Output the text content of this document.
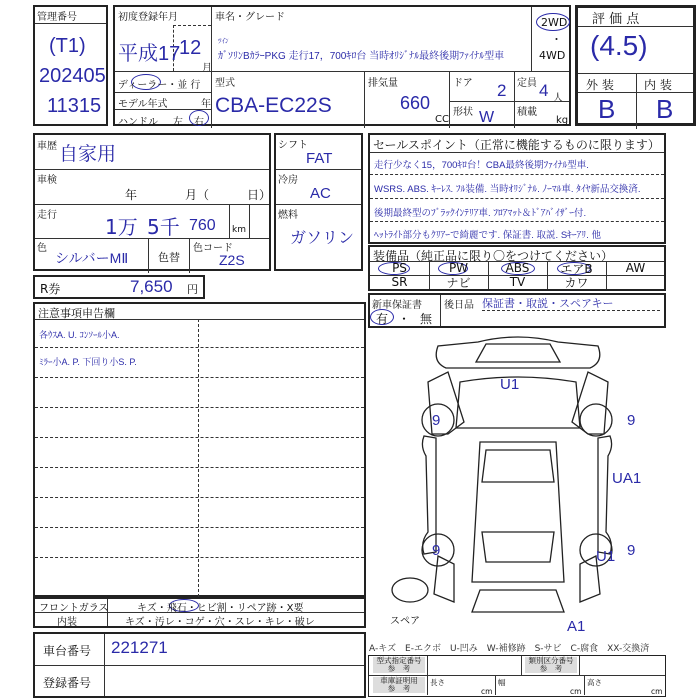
管理番号
(T1)
202405
11315
初度登録年月
平成17
12
月
車名・グレード
ﾂｲﾝ
ｶﾞｿﾘﾝBｶﾗｰPKG 走行17，700ｷﾛ台 当時ｵﾘｼﾞﾅﾙ最終後期ﾌｧｲﾅﾙ型車
2WD
・
4WD
ディーラー・並 行
モデル年式	年
ハンドル 左 右
型式
CBA-EC22S
排気量
660
CC
ドア 2 定員 4 人
形状 W 積載
kg
評 価 点
(4.5)
外 装	内 装
B B
車歴 自家用
車検
年	月（	日）
走行 1万 5千 760 km
色
シルバーMⅡ	色替
色コード
Z2S
シフト
FAT
冷房
AC
燃料
ガソリン
R券	7,650 円
注意事項申告欄
各ｳｽA. U. ｺﾝｿｰﾙ小A.
ﾐﾗｰ小A. P. 下回り小S. P.
フロントガラス	キズ・飛石・ヒビ割・リペア跡・X要
内装	キズ・汚レ・コゲ・穴・スレ・キレ・破レ
車台番号 221271
登録番号
セールスポイント（正常に機能するものに限ります）
走行少なく15，700ｷﾛ台！CBA最終後期ﾌｧｲﾅﾙ型車.
WSRS. ABS. ｷｰﾚｽ. ﾌﾙ装備. 当時ｵﾘｼﾞﾅﾙ. ﾉｰﾏﾙ車. ﾀｲﾔ新品交換済.
後期最終型のﾌﾞﾗｯｸｲﾝﾃﾘｱ車. ﾌﾛｱﾏｯﾄ＆ﾄﾞｱﾊﾞｲｻﾞｰ付.
ﾍｯﾄﾗｲﾄ部分もｸﾘｱｰで綺麗です. 保証書. 取説. Sｷｰｱﾘ. 他
装備品（純正品に限り〇をつけてください）
PS	PW	ABS	エアB	AW
SR	ナビ	TV	カワ
新車保証書
有 ・ 無
後日品 保証書・取説・スペアキー
U1
9	9
UA1
9	U1 9
A1
スペア
A-キズ　E-エクボ　U-凹み　W-補修跡　S-サビ　C-腐食　XX-交換済
型式指定番号
参　考
類別区分番号
参　考
車庫証明用
参　考
長さ
cm
幅
cm
高さ
cm
